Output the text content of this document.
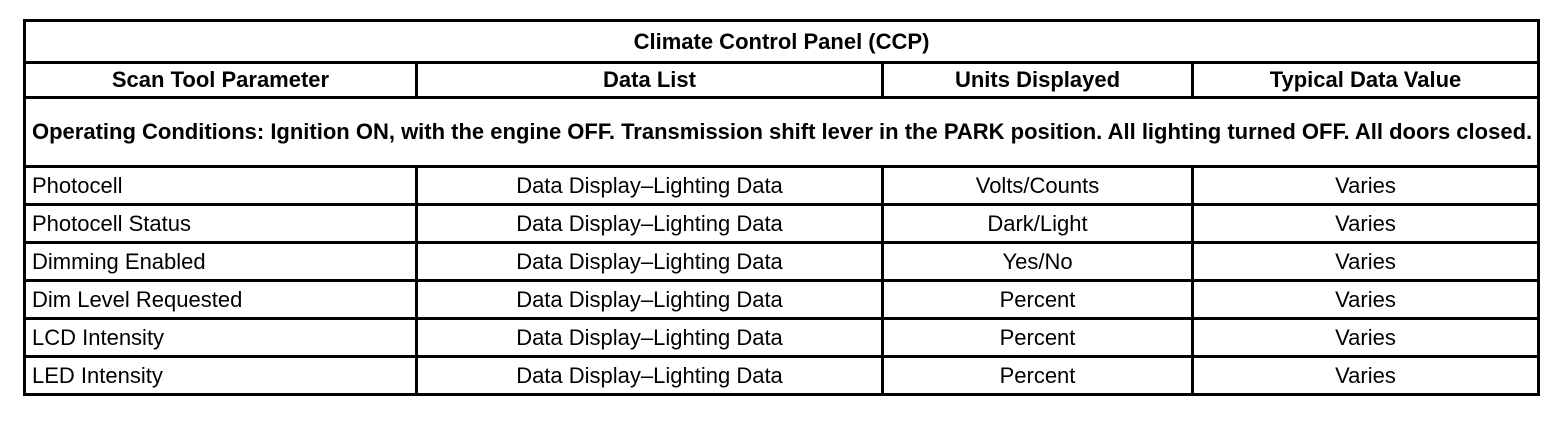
Climate Control Panel (CCP)			
Scan Tool Parameter	Data List	Units Displayed	Typical Data Value
Operating Conditions: Ignition ON, with the engine OFF. Transmission shift lever in the PARK position. All lighting turned OFF. All doors closed.			
Photocell	Data Display–Lighting Data	Volts/Counts	Varies
Photocell Status	Data Display–Lighting Data	Dark/Light	Varies
Dimming Enabled	Data Display–Lighting Data	Yes/No	Varies
Dim Level Requested	Data Display–Lighting Data	Percent	Varies
LCD Intensity	Data Display–Lighting Data	Percent	Varies
LED Intensity	Data Display–Lighting Data	Percent	Varies
